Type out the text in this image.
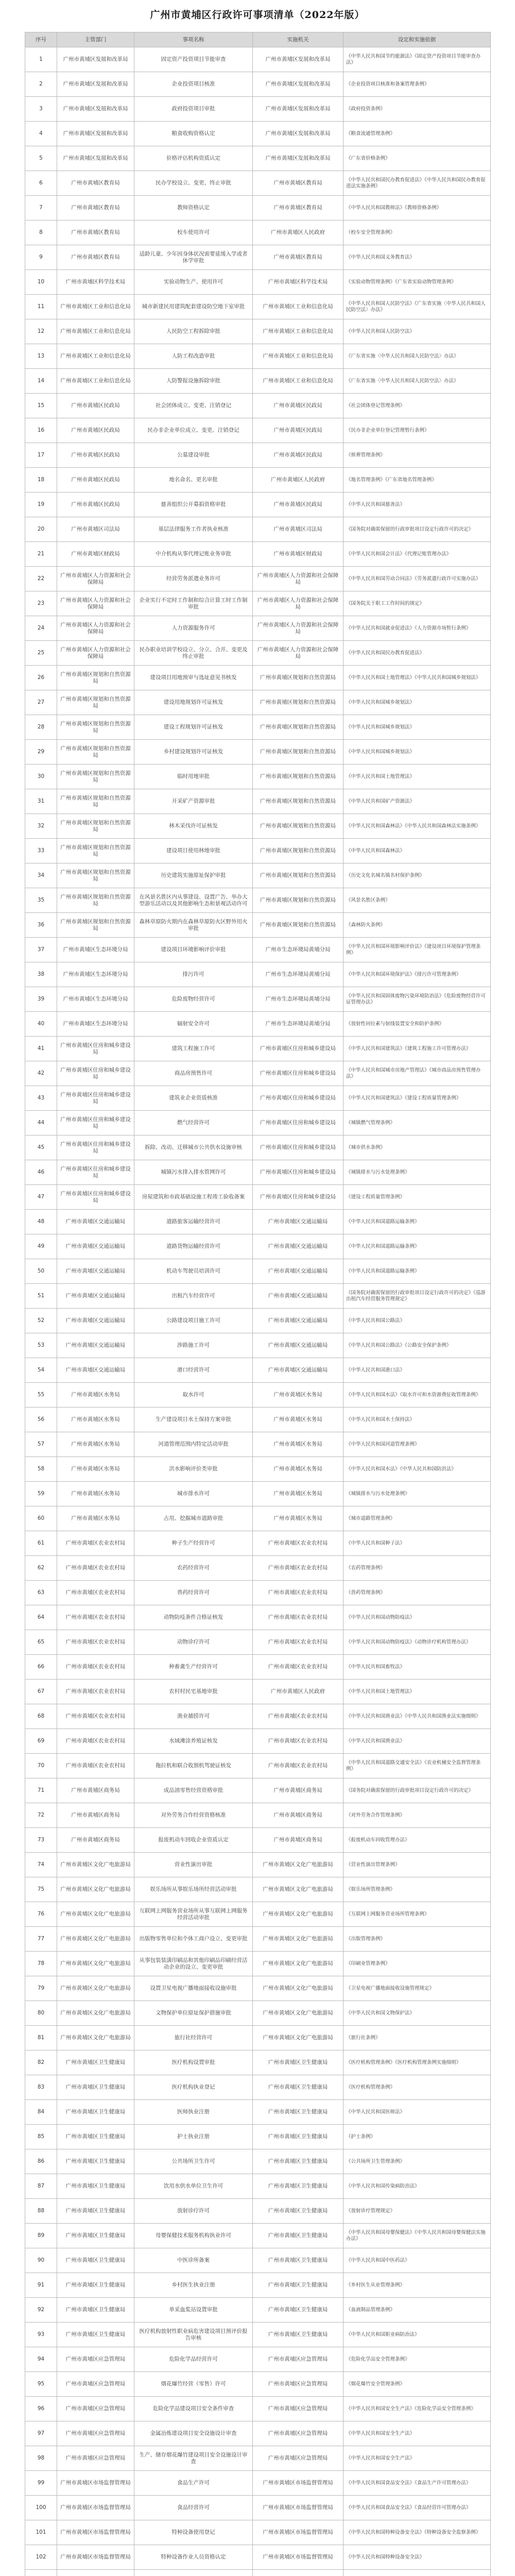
广州市黄埔区行政许可事项清单（2022年版）
序号	主管部门	事项名称	实施机关	设定和实施依据
1	广州市黄埔区发展和改革局	固定资产投资项目节能审查	广州市黄埔区发展和改革局	《中华人民共和国节约能源法》《固定资产投资项目节能审查办法》
2	广州市黄埔区发展和改革局	企业投资项目核准	广州市黄埔区发展和改革局	《企业投资项目核准和备案管理条例》
3	广州市黄埔区发展和改革局	政府投资项目审批	广州市黄埔区发展和改革局	《政府投资条例》
4	广州市黄埔区发展和改革局	粮食收购资格认定	广州市黄埔区发展和改革局	《粮食流通管理条例》
5	广州市黄埔区发展和改革局	价格评估机构资质认定	广州市黄埔区发展和改革局	《广东省价格条例》
6	广州市黄埔区教育局	民办学校设立、变更、终止审批	广州市黄埔区教育局	《中华人民共和国民办教育促进法》《中华人民共和国民办教育促进法实施条例》
7	广州市黄埔区教育局	教师资格认定	广州市黄埔区教育局	《中华人民共和国教师法》《教师资格条例》
8	广州市黄埔区教育局	校车使用许可	广州市黄埔区人民政府	《校车安全管理条例》
9	广州市黄埔区教育局	适龄儿童、少年因身体状况需要延缓入学或者休学审批	广州市黄埔区教育局	《中华人民共和国义务教育法》
10	广州市黄埔区科学技术局	实验动物生产、使用许可	广州市黄埔区科学技术局	《实验动物管理条例》《广东省实验动物管理条例》
11	广州市黄埔区工业和信息化局	城市新建民用建筑配套建设防空地下室审批	广州市黄埔区工业和信息化局	《中华人民共和国人民防空法》《广东省实施〈中华人民共和国人民防空法〉办法》
12	广州市黄埔区工业和信息化局	人民防空工程拆除审批	广州市黄埔区工业和信息化局	《中华人民共和国人民防空法》
13	广州市黄埔区工业和信息化局	人防工程改造审批	广州市黄埔区工业和信息化局	《广东省实施〈中华人民共和国人民防空法〉办法》
14	广州市黄埔区工业和信息化局	人防警报设施拆除审批	广州市黄埔区工业和信息化局	《广东省实施〈中华人民共和国人民防空法〉办法》
15	广州市黄埔区民政局	社会团体成立、变更、注销登记	广州市黄埔区民政局	《社会团体登记管理条例》
16	广州市黄埔区民政局	民办非企业单位成立、变更、注销登记	广州市黄埔区民政局	《民办非企业单位登记管理暂行条例》
17	广州市黄埔区民政局	公墓建设审批	广州市黄埔区民政局	《殡葬管理条例》
18	广州市黄埔区民政局	地名命名、更名审批	广州市黄埔区人民政府	《地名管理条例》《广东省地名管理条例》
19	广州市黄埔区民政局	慈善组织公开募捐资格审批	广州市黄埔区民政局	《中华人民共和国慈善法》
20	广州市黄埔区司法局	基层法律服务工作者执业核准	广州市黄埔区司法局	《国务院对确需保留的行政审批项目设定行政许可的决定》
21	广州市黄埔区财政局	中介机构从事代理记账业务审批	广州市黄埔区财政局	《中华人民共和国会计法》《代理记账管理办法》
22	广州市黄埔区人力资源和社会保障局	经营劳务派遣业务许可	广州市黄埔区人力资源和社会保障局	《中华人民共和国劳动合同法》《劳务派遣行政许可实施办法》
23	广州市黄埔区人力资源和社会保障局	企业实行不定时工作制和综合计算工时工作制审批	广州市黄埔区人力资源和社会保障局	《国务院关于职工工作时间的规定》
24	广州市黄埔区人力资源和社会保障局	人力资源服务许可	广州市黄埔区人力资源和社会保障局	《中华人民共和国就业促进法》《人力资源市场暂行条例》
25	广州市黄埔区人力资源和社会保障局	民办职业培训学校设立、分立、合并、变更及终止审批	广州市黄埔区人力资源和社会保障局	《中华人民共和国民办教育促进法》
26	广州市黄埔区规划和自然资源局	建设项目用地预审与选址意见书核发	广州市黄埔区规划和自然资源局	《中华人民共和国土地管理法》《中华人民共和国城乡规划法》
27	广州市黄埔区规划和自然资源局	建设用地规划许可证核发	广州市黄埔区规划和自然资源局	《中华人民共和国城乡规划法》
28	广州市黄埔区规划和自然资源局	建设工程规划许可证核发	广州市黄埔区规划和自然资源局	《中华人民共和国城乡规划法》
29	广州市黄埔区规划和自然资源局	乡村建设规划许可证核发	广州市黄埔区规划和自然资源局	《中华人民共和国城乡规划法》
30	广州市黄埔区规划和自然资源局	临时用地审批	广州市黄埔区规划和自然资源局	《中华人民共和国土地管理法》
31	广州市黄埔区规划和自然资源局	开采矿产资源审批	广州市黄埔区规划和自然资源局	《中华人民共和国矿产资源法》
32	广州市黄埔区规划和自然资源局	林木采伐许可证核发	广州市黄埔区规划和自然资源局	《中华人民共和国森林法》《中华人民共和国森林法实施条例》
33	广州市黄埔区规划和自然资源局	建设项目使用林地审批	广州市黄埔区规划和自然资源局	《中华人民共和国森林法》
34	广州市黄埔区规划和自然资源局	历史建筑实施原址保护审批	广州市黄埔区规划和自然资源局	《历史文化名城名镇名村保护条例》
35	广州市黄埔区规划和自然资源局	在风景名胜区内从事建设、设置广告、举办大型游乐活动以及其他影响生态和景观活动许可	广州市黄埔区规划和自然资源局	《风景名胜区条例》
36	广州市黄埔区规划和自然资源局	森林草原防火期内在森林草原防火区野外用火审批	广州市黄埔区规划和自然资源局	《森林防火条例》
37	广州市黄埔区生态环境分局	建设项目环境影响评价审批	广州市生态环境局黄埔分局	《中华人民共和国环境影响评价法》《建设项目环境保护管理条例》
38	广州市黄埔区生态环境分局	排污许可	广州市生态环境局黄埔分局	《中华人民共和国环境保护法》《排污许可管理条例》
39	广州市黄埔区生态环境分局	危险废物经营许可	广州市生态环境局黄埔分局	《中华人民共和国固体废物污染环境防治法》《危险废物经营许可证管理办法》
40	广州市黄埔区生态环境分局	辐射安全许可	广州市生态环境局黄埔分局	《放射性同位素与射线装置安全和防护条例》
41	广州市黄埔区住房和城乡建设局	建筑工程施工许可	广州市黄埔区住房和城乡建设局	《中华人民共和国建筑法》《建筑工程施工许可管理办法》
42	广州市黄埔区住房和城乡建设局	商品房预售许可	广州市黄埔区住房和城乡建设局	《中华人民共和国城市房地产管理法》《城市商品房预售管理办法》
43	广州市黄埔区住房和城乡建设局	建筑业企业资质核准	广州市黄埔区住房和城乡建设局	《中华人民共和国建筑法》《建设工程质量管理条例》
44	广州市黄埔区住房和城乡建设局	燃气经营许可	广州市黄埔区住房和城乡建设局	《城镇燃气管理条例》
45	广州市黄埔区住房和城乡建设局	拆除、改动、迁移城市公共供水设施审核	广州市黄埔区住房和城乡建设局	《城市供水条例》
46	广州市黄埔区住房和城乡建设局	城镇污水排入排水管网许可	广州市黄埔区住房和城乡建设局	《城镇排水与污水处理条例》
47	广州市黄埔区住房和城乡建设局	房屋建筑和市政基础设施工程竣工验收备案	广州市黄埔区住房和城乡建设局	《建设工程质量管理条例》
48	广州市黄埔区交通运输局	道路旅客运输经营许可	广州市黄埔区交通运输局	《中华人民共和国道路运输条例》
49	广州市黄埔区交通运输局	道路货物运输经营许可	广州市黄埔区交通运输局	《中华人民共和国道路运输条例》
50	广州市黄埔区交通运输局	机动车驾驶员培训许可	广州市黄埔区交通运输局	《中华人民共和国道路运输条例》
51	广州市黄埔区交通运输局	出租汽车经营许可	广州市黄埔区交通运输局	《国务院对确需保留的行政审批项目设定行政许可的决定》《巡游出租汽车经营服务管理规定》
52	广州市黄埔区交通运输局	公路建设项目施工许可	广州市黄埔区交通运输局	《中华人民共和国公路法》
53	广州市黄埔区交通运输局	涉路施工许可	广州市黄埔区交通运输局	《中华人民共和国公路法》《公路安全保护条例》
54	广州市黄埔区交通运输局	港口经营许可	广州市黄埔区交通运输局	《中华人民共和国港口法》
55	广州市黄埔区水务局	取水许可	广州市黄埔区水务局	《中华人民共和国水法》《取水许可和水资源费征收管理条例》
56	广州市黄埔区水务局	生产建设项目水土保持方案审批	广州市黄埔区水务局	《中华人民共和国水土保持法》
57	广州市黄埔区水务局	河道管理范围内特定活动审批	广州市黄埔区水务局	《中华人民共和国河道管理条例》
58	广州市黄埔区水务局	洪水影响评价类审批	广州市黄埔区水务局	《中华人民共和国水法》《中华人民共和国防洪法》
59	广州市黄埔区水务局	城市排水许可	广州市黄埔区水务局	《城镇排水与污水处理条例》
60	广州市黄埔区水务局	占用、挖掘城市道路审批	广州市黄埔区水务局	《城市道路管理条例》
61	广州市黄埔区农业农村局	种子生产经营许可	广州市黄埔区农业农村局	《中华人民共和国种子法》
62	广州市黄埔区农业农村局	农药经营许可	广州市黄埔区农业农村局	《农药管理条例》
63	广州市黄埔区农业农村局	兽药经营许可	广州市黄埔区农业农村局	《兽药管理条例》
64	广州市黄埔区农业农村局	动物防疫条件合格证核发	广州市黄埔区农业农村局	《中华人民共和国动物防疫法》
65	广州市黄埔区农业农村局	动物诊疗许可	广州市黄埔区农业农村局	《中华人民共和国动物防疫法》《动物诊疗机构管理办法》
66	广州市黄埔区农业农村局	种畜禽生产经营许可	广州市黄埔区农业农村局	《中华人民共和国畜牧法》
67	广州市黄埔区农业农村局	农村村民宅基地审批	广州市黄埔区人民政府	《中华人民共和国土地管理法》
68	广州市黄埔区农业农村局	渔业捕捞许可	广州市黄埔区农业农村局	《中华人民共和国渔业法》《中华人民共和国渔业法实施细则》
69	广州市黄埔区农业农村局	水域滩涂养殖证核发	广州市黄埔区农业农村局	《中华人民共和国渔业法》
70	广州市黄埔区农业农村局	拖拉机和联合收割机驾驶证核发	广州市黄埔区农业农村局	《中华人民共和国道路交通安全法》《农业机械安全监督管理条例》
71	广州市黄埔区商务局	成品油零售经营资格审批	广州市黄埔区商务局	《国务院对确需保留的行政审批项目设定行政许可的决定》
72	广州市黄埔区商务局	对外劳务合作经营资格核准	广州市黄埔区商务局	《对外劳务合作管理条例》
73	广州市黄埔区商务局	报废机动车回收企业资质认定	广州市黄埔区商务局	《报废机动车回收管理办法》
74	广州市黄埔区文化广电旅游局	营业性演出审批	广州市黄埔区文化广电旅游局	《营业性演出管理条例》
75	广州市黄埔区文化广电旅游局	娱乐场所从事娱乐场所经营活动审批	广州市黄埔区文化广电旅游局	《娱乐场所管理条例》
76	广州市黄埔区文化广电旅游局	互联网上网服务营业场所从事互联网上网服务经营活动审批	广州市黄埔区文化广电旅游局	《互联网上网服务营业场所管理条例》
77	广州市黄埔区文化广电旅游局	出版物零售单位和个体工商户设立、变更审批	广州市黄埔区文化广电旅游局	《出版管理条例》
78	广州市黄埔区文化广电旅游局	从事包装装潢印刷品和其他印刷品印刷经营活动企业的设立、变更审批	广州市黄埔区文化广电旅游局	《印刷业管理条例》
79	广州市黄埔区文化广电旅游局	设置卫星电视广播地面接收设施审批	广州市黄埔区文化广电旅游局	《卫星电视广播地面接收设施管理规定》
80	广州市黄埔区文化广电旅游局	文物保护单位原址保护措施审批	广州市黄埔区文化广电旅游局	《中华人民共和国文物保护法》
81	广州市黄埔区文化广电旅游局	旅行社经营许可	广州市黄埔区文化广电旅游局	《旅行社条例》
82	广州市黄埔区卫生健康局	医疗机构设置审批	广州市黄埔区卫生健康局	《医疗机构管理条例》《医疗机构管理条例实施细则》
83	广州市黄埔区卫生健康局	医疗机构执业登记	广州市黄埔区卫生健康局	《医疗机构管理条例》
84	广州市黄埔区卫生健康局	医师执业注册	广州市黄埔区卫生健康局	《中华人民共和国医师法》
85	广州市黄埔区卫生健康局	护士执业注册	广州市黄埔区卫生健康局	《护士条例》
86	广州市黄埔区卫生健康局	公共场所卫生许可	广州市黄埔区卫生健康局	《公共场所卫生管理条例》
87	广州市黄埔区卫生健康局	饮用水供水单位卫生许可	广州市黄埔区卫生健康局	《中华人民共和国传染病防治法》
88	广州市黄埔区卫生健康局	放射诊疗许可	广州市黄埔区卫生健康局	《放射诊疗管理规定》
89	广州市黄埔区卫生健康局	母婴保健技术服务机构执业许可	广州市黄埔区卫生健康局	《中华人民共和国母婴保健法》《中华人民共和国母婴保健法实施办法》
90	广州市黄埔区卫生健康局	中医诊所备案	广州市黄埔区卫生健康局	《中华人民共和国中医药法》
91	广州市黄埔区卫生健康局	乡村医生执业注册	广州市黄埔区卫生健康局	《乡村医生从业管理条例》
92	广州市黄埔区卫生健康局	单采血浆站设置审批	广州市黄埔区卫生健康局	《血液制品管理条例》
93	广州市黄埔区卫生健康局	医疗机构放射性职业病危害建设项目预评价报告审核	广州市黄埔区卫生健康局	《中华人民共和国职业病防治法》
94	广州市黄埔区应急管理局	危险化学品经营许可	广州市黄埔区应急管理局	《危险化学品安全管理条例》
95	广州市黄埔区应急管理局	烟花爆竹经营（零售）许可	广州市黄埔区应急管理局	《烟花爆竹安全管理条例》
96	广州市黄埔区应急管理局	危险化学品建设项目安全条件审查	广州市黄埔区应急管理局	《中华人民共和国安全生产法》《危险化学品安全管理条例》
97	广州市黄埔区应急管理局	金属冶炼建设项目安全设施设计审查	广州市黄埔区应急管理局	《中华人民共和国安全生产法》
98	广州市黄埔区应急管理局	生产、储存烟花爆竹建设项目安全设施设计审查	广州市黄埔区应急管理局	《中华人民共和国安全生产法》
99	广州市黄埔区市场监督管理局	食品生产许可	广州市黄埔区市场监督管理局	《中华人民共和国食品安全法》《食品生产许可管理办法》
100	广州市黄埔区市场监督管理局	食品经营许可	广州市黄埔区市场监督管理局	《中华人民共和国食品安全法》《食品经营许可管理办法》
101	广州市黄埔区市场监督管理局	特种设备使用登记	广州市黄埔区市场监督管理局	《中华人民共和国特种设备安全法》《特种设备安全监察条例》
102	广州市黄埔区市场监督管理局	特种设备作业人员资格认定	广州市黄埔区市场监督管理局	《中华人民共和国特种设备安全法》
